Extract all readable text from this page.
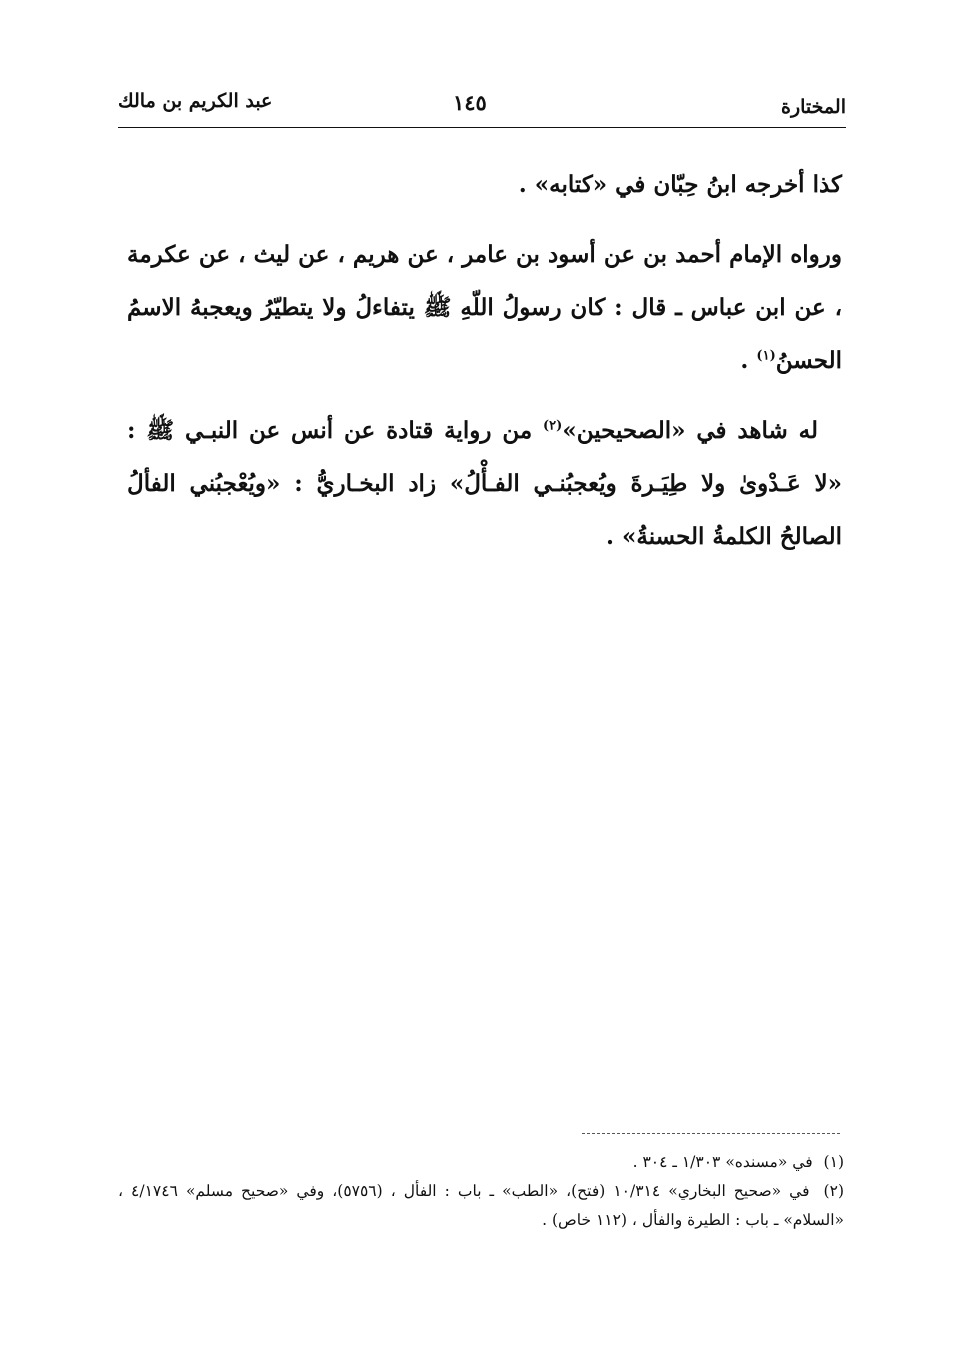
المختارة
١٤٥
عبد الكريم بن مالك

كذا أخرجه ابنُ حِبّان في «كتابه» .

ورواه الإمام أحمد بن عن أسود بن عامر ، عن هريم ، عن ليث ، عن عكرمة ، عن ابن عباس ـ قال : كان رسولُ اللّهِ ﷺ يتفاءلُ ولا يتطيّرُ ويعجبهُ الاسمُ الحسنُ$^{(١)}$ .

له شاهد في «الصحيحين»$^{(٢)}$ من رواية قتادة عن أنس عن النبـي ﷺ : «لا عَـدْوىٰ ولا طِيَـرةَ ويُعجبُنـي الفـأْلُ» زاد البخـاريُّ : «ويُعْجبُني الفألُ الصالحُ الكلمةُ الحسنةُ» .

(١) في «مسنده» ١/٣٠٣ ـ ٣٠٤ .

(٢) في «صحيح البخاري» ١٠/٣١٤ (فتح)، «الطب» ـ باب : الفأل ، (٥٧٥٦)، وفي «صحيح مسلم» ٤/١٧٤٦ ، «السلام» ـ باب : الطيرة والفأل ، (١١٢ خاص) .
